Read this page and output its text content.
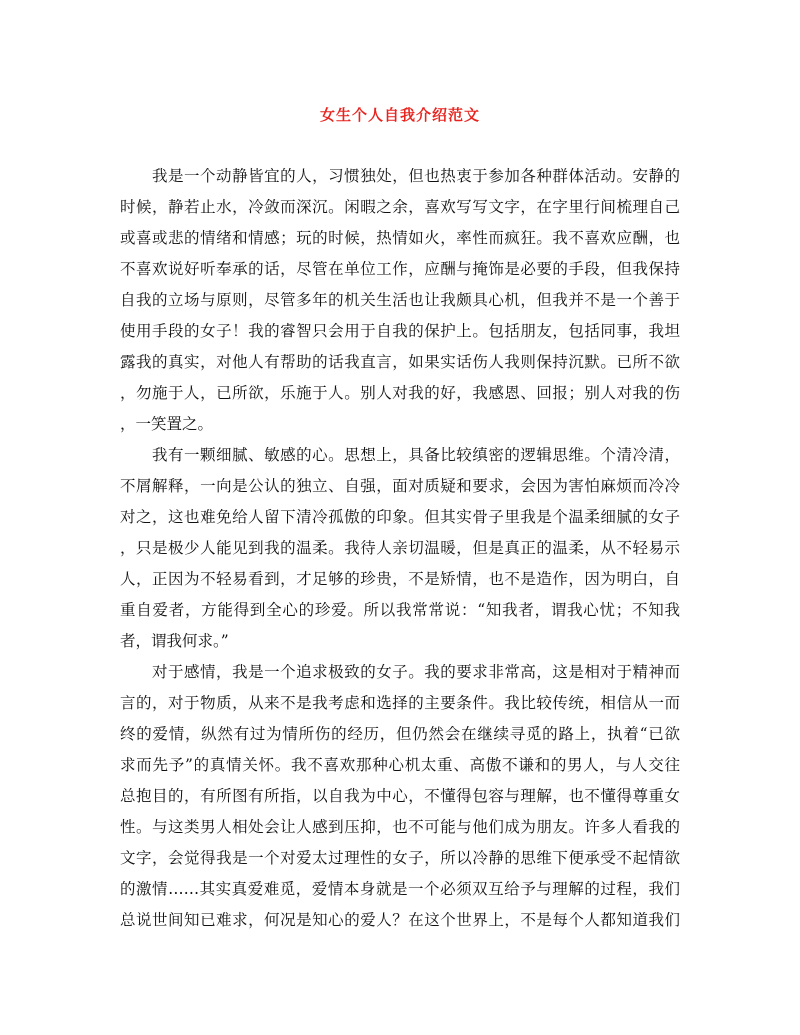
女生个人自我介绍范文
我是一个动静皆宜的人，习惯独处，但也热衷于参加各种群体活动。安静的
时候，静若止水，冷敛而深沉。闲暇之余，喜欢写写文字，在字里行间梳理自己
或喜或悲的情绪和情感；玩的时候，热情如火，率性而疯狂。我不喜欢应酬，也
不喜欢说好听奉承的话，尽管在单位工作，应酬与掩饰是必要的手段，但我保持
自我的立场与原则，尽管多年的机关生活也让我颇具心机，但我并不是一个善于
使用手段的女子！我的睿智只会用于自我的保护上。包括朋友，包括同事，我坦
露我的真实，对他人有帮助的话我直言，如果实话伤人我则保持沉默。已所不欲
，勿施于人，已所欲，乐施于人。别人对我的好，我感恩、回报；别人对我的伤
，一笑置之。
我有一颗细腻、敏感的心。思想上，具备比较缜密的逻辑思维。个清冷清，
不屑解释，一向是公认的独立、自强，面对质疑和要求，会因为害怕麻烦而冷冷
对之，这也难免给人留下清冷孤傲的印象。但其实骨子里我是个温柔细腻的女子
，只是极少人能见到我的温柔。我待人亲切温暖，但是真正的温柔，从不轻易示
人，正因为不轻易看到，才足够的珍贵，不是矫情，也不是造作，因为明白，自
重自爱者，方能得到全心的珍爱。所以我常常说：“知我者，谓我心忧；不知我
者，谓我何求。”
对于感情，我是一个追求极致的女子。我的要求非常高，这是相对于精神而
言的，对于物质，从来不是我考虑和选择的主要条件。我比较传统，相信从一而
终的爱情，纵然有过为情所伤的经历，但仍然会在继续寻觅的路上，执着“已欲
求而先予”的真情关怀。我不喜欢那种心机太重、高傲不谦和的男人，与人交往
总抱目的，有所图有所指，以自我为中心，不懂得包容与理解，也不懂得尊重女
性。与这类男人相处会让人感到压抑，也不可能与他们成为朋友。许多人看我的
文字，会觉得我是一个对爱太过理性的女子，所以冷静的思维下便承受不起情欲
的激情……其实真爱难觅，爱情本身就是一个必须双互给予与理解的过程，我们
总说世间知已难求，何况是知心的爱人？在这个世界上，不是每个人都知道我们
